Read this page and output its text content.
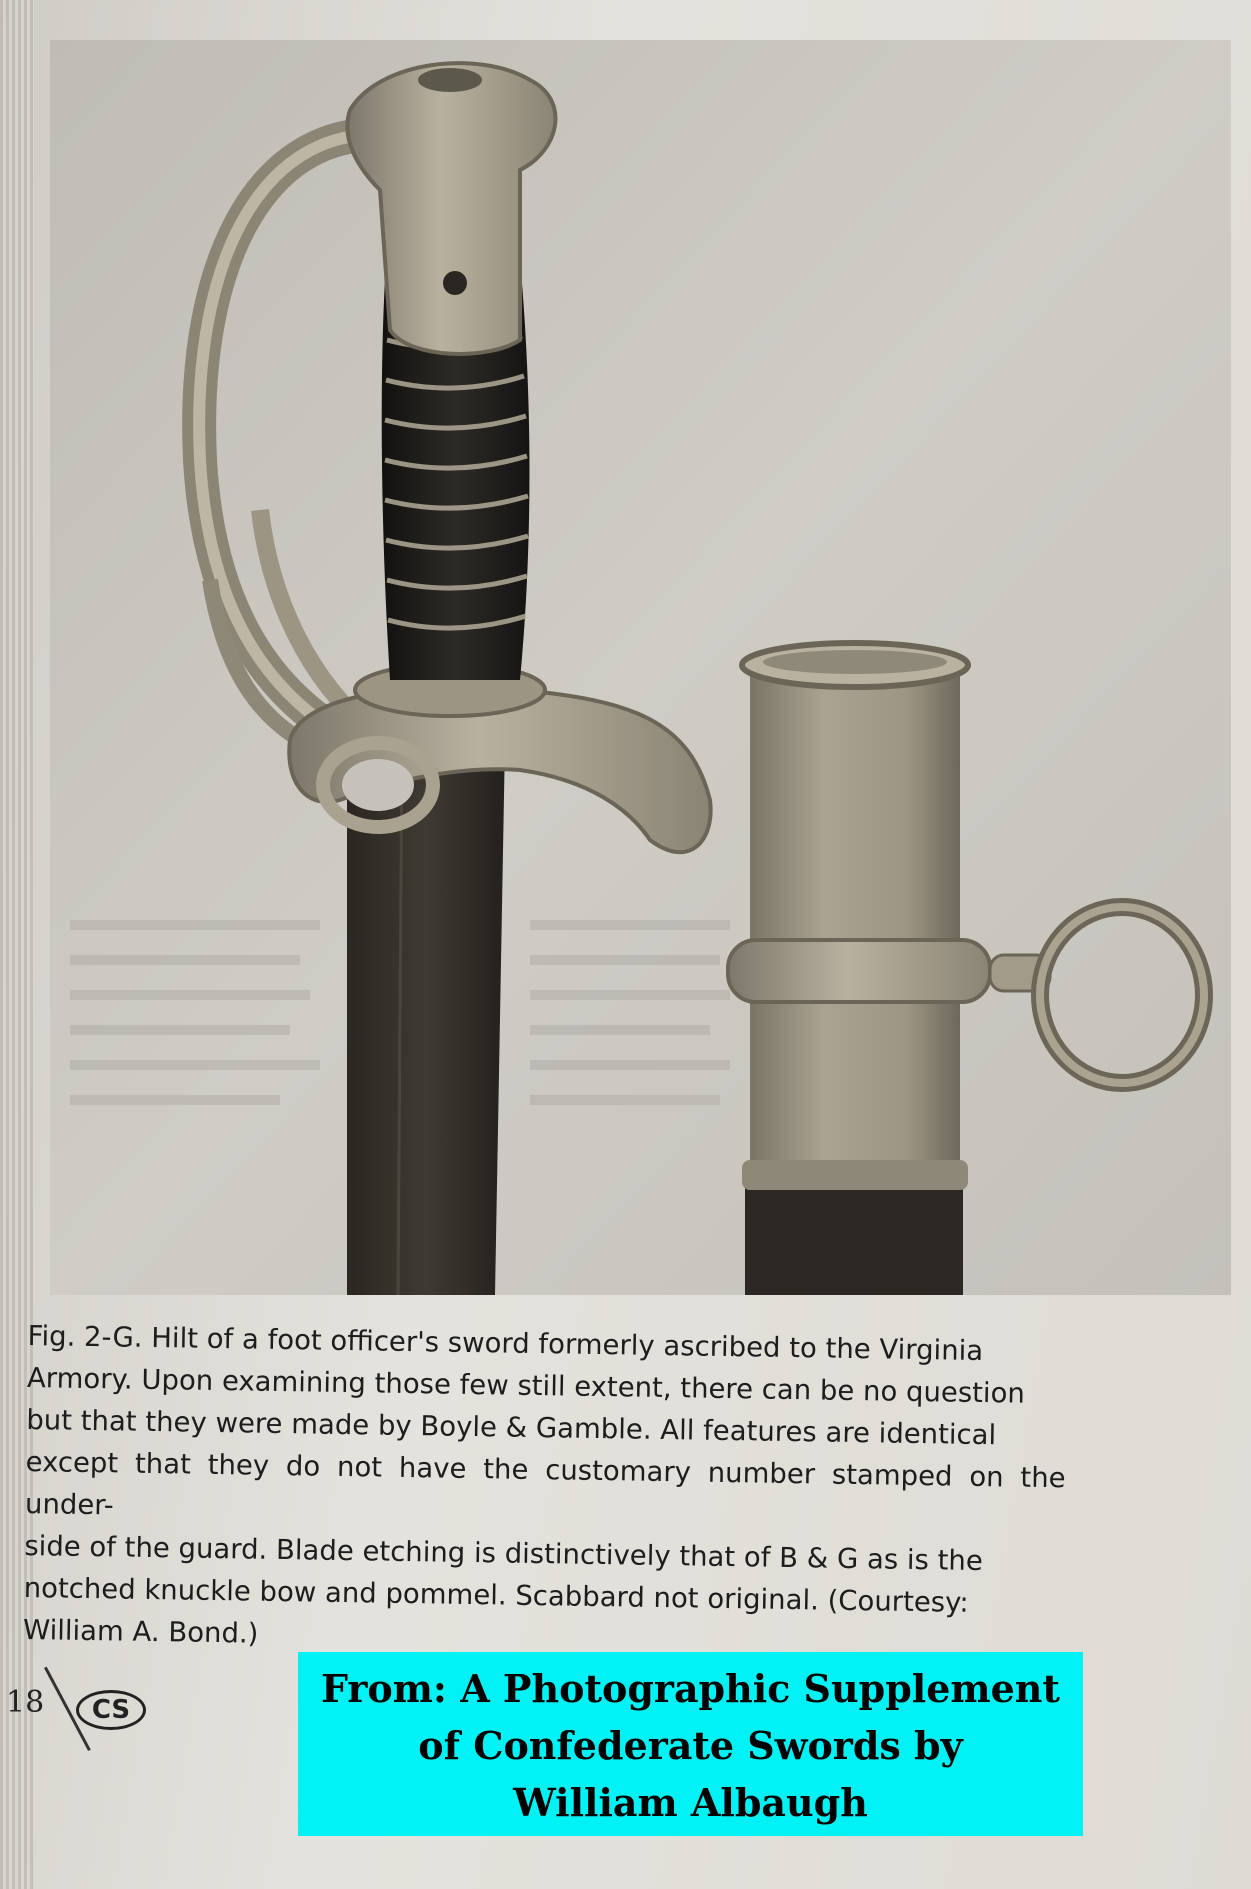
Fig. 2-G. Hilt of a foot officer's sword formerly ascribed to the Virginia
Armory. Upon examining those few still extent, there can be no question
but that they were made by Boyle & Gamble. All features are identical
except that they do not have the customary number stamped on the under-
side of the guard. Blade etching is distinctively that of B & G as is the
notched knuckle bow and pommel. Scabbard not original. (Courtesy:
William A. Bond.)
18	CS	From: A Photographic Supplement
of Confederate Swords by
William Albaugh
